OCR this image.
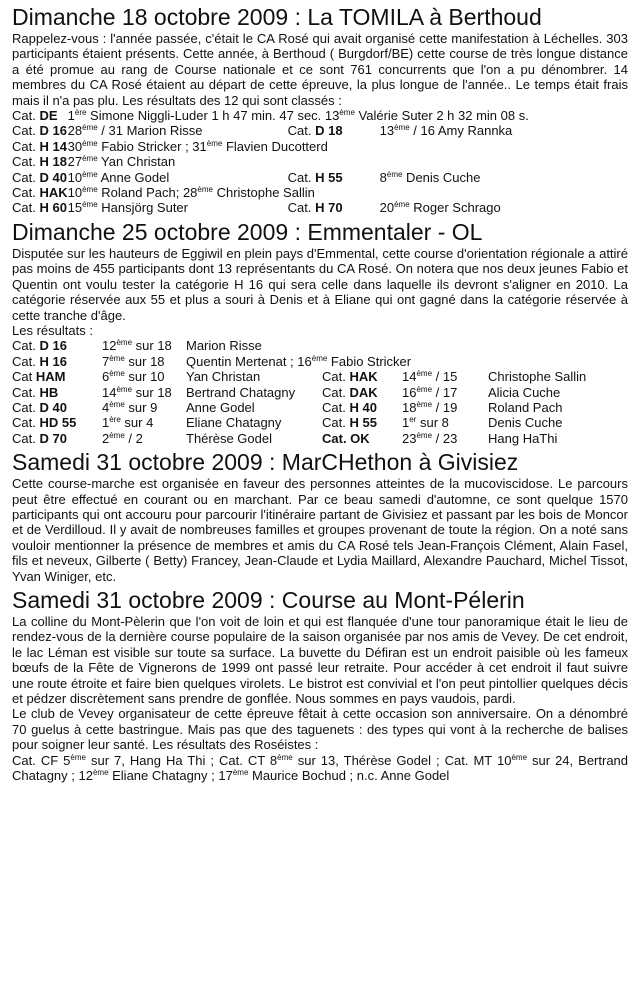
Dimanche 18 octobre 2009 : La TOMILA à Berthoud

Rappelez-vous : l'année passée, c'était le CA Rosé qui avait organisé cette manifestation à Léchelles. 303 participants étaient présents. Cette année, à Berthoud ( Burgdorf/BE) cette course de très longue distance a été promue au rang de Course nationale et ce sont 761 concurrents que l'on a pu dénombrer. 14 membres du CA Rosé étaient au départ de cette épreuve, la plus longue de l'année.. Le temps était frais mais il n'a pas plu. Les résultats des 12 qui sont classés :

Cat. DE	1ère Simone Niggli-Luder 1 h 47 min. 47 sec. 13ème Valérie Suter 2 h 32 min 08 s.		
Cat. D 16	28ème / 31 Marion Risse	Cat. D 18	13ème / 16 Amy Rannka
Cat. H 14	30ème Fabio Stricker ; 31ème Flavien Ducotterd		
Cat. H 18	27ème Yan Christan		
Cat. D 40	10ème Anne Godel	Cat. H 55	8ème Denis Cuche
Cat. HAK	10ème Roland Pach; 28ème Christophe Sallin		
Cat. H 60	15ème Hansjörg Suter	Cat. H 70	20ème Roger Schrago
Dimanche 25 octobre 2009 : Emmentaler - OL

Disputée sur les hauteurs de Eggiwil en plein pays d'Emmental, cette course d'orientation régionale a attiré pas moins de 455 participants dont 13 représentants du CA Rosé. On notera que nos deux jeunes Fabio et Quentin ont voulu tester la catégorie H 16 qui sera celle dans laquelle ils devront s'aligner en 2010. La catégorie réservée aux 55 et plus a souri à Denis et à Eliane qui ont gagné dans la catégorie réservée à cette tranche d'âge.

Les résultats :

Cat. D 16	12ème sur 18	Marion Risse			
Cat. H 16	7ème sur 18	Quentin Mertenat ; 16ème Fabio Stricker			
Cat HAM	6ème sur 10	Yan Christan	Cat. HAK	14ème / 15	Christophe Sallin
Cat. HB	14ème sur 18	Bertrand Chatagny	Cat. DAK	16ème / 17	Alicia Cuche
Cat. D 40	4ème sur 9	Anne Godel	Cat. H 40	18ème / 19	Roland Pach
Cat. HD 55	1ère sur 4	Eliane Chatagny	Cat. H 55	1er sur 8	Denis Cuche
Cat. D 70	2ème / 2	Thérèse Godel	Cat. OK	23ème / 23	Hang HaThi
Samedi 31 octobre 2009 : MarCHethon à Givisiez

Cette course-marche est organisée en faveur des personnes atteintes de la mucoviscidose. Le parcours peut être effectué en courant ou en marchant. Par ce beau samedi d'automne, ce sont quelque 1570 participants qui ont accouru pour parcourir l'itinéraire partant de Givisiez et passant par les bois de Moncor et de Verdilloud. Il y avait de nombreuses familles et groupes provenant de toute la région. On a noté sans vouloir mentionner la présence de membres et amis du CA Rosé tels Jean-François Clément, Alain Fasel, fils et neveux, Gilberte ( Betty) Francey, Jean-Claude et Lydia Maillard, Alexandre Pauchard, Michel Tissot, Yvan Winiger, etc.

Samedi 31 octobre 2009 : Course au Mont-Pélerin

La colline du Mont-Pèlerin que l'on voit de loin et qui est flanquée d'une tour panoramique était le lieu de rendez-vous de la dernière course populaire de la saison organisée par nos amis de Vevey. De cet endroit, le lac Léman est visible sur toute sa surface. La buvette du Défiran est un endroit paisible où les fameux bœufs de la Fête de Vignerons de 1999 ont passé leur retraite. Pour accéder à cet endroit il faut suivre une route étroite et faire bien quelques virolets. Le bistrot est convivial et l'on peut pintollier quelques décis et pédzer discrètement sans prendre de gonflée. Nous sommes en pays vaudois, pardi.

Le club de Vevey organisateur de cette épreuve fêtait à cette occasion son anniversaire. On a dénombré 70 guelus à cette bastringue. Mais pas que des taguenets : des types qui vont à la recherche de balises pour soigner leur santé. Les résultats des Roséistes :

Cat. CF 5ème sur 7, Hang Ha Thi ; Cat. CT 8ème sur 13, Thérèse Godel ; Cat. MT 10ème sur 24, Bertrand Chatagny ; 12ème Eliane Chatagny ; 17ème Maurice Bochud ; n.c. Anne Godel
